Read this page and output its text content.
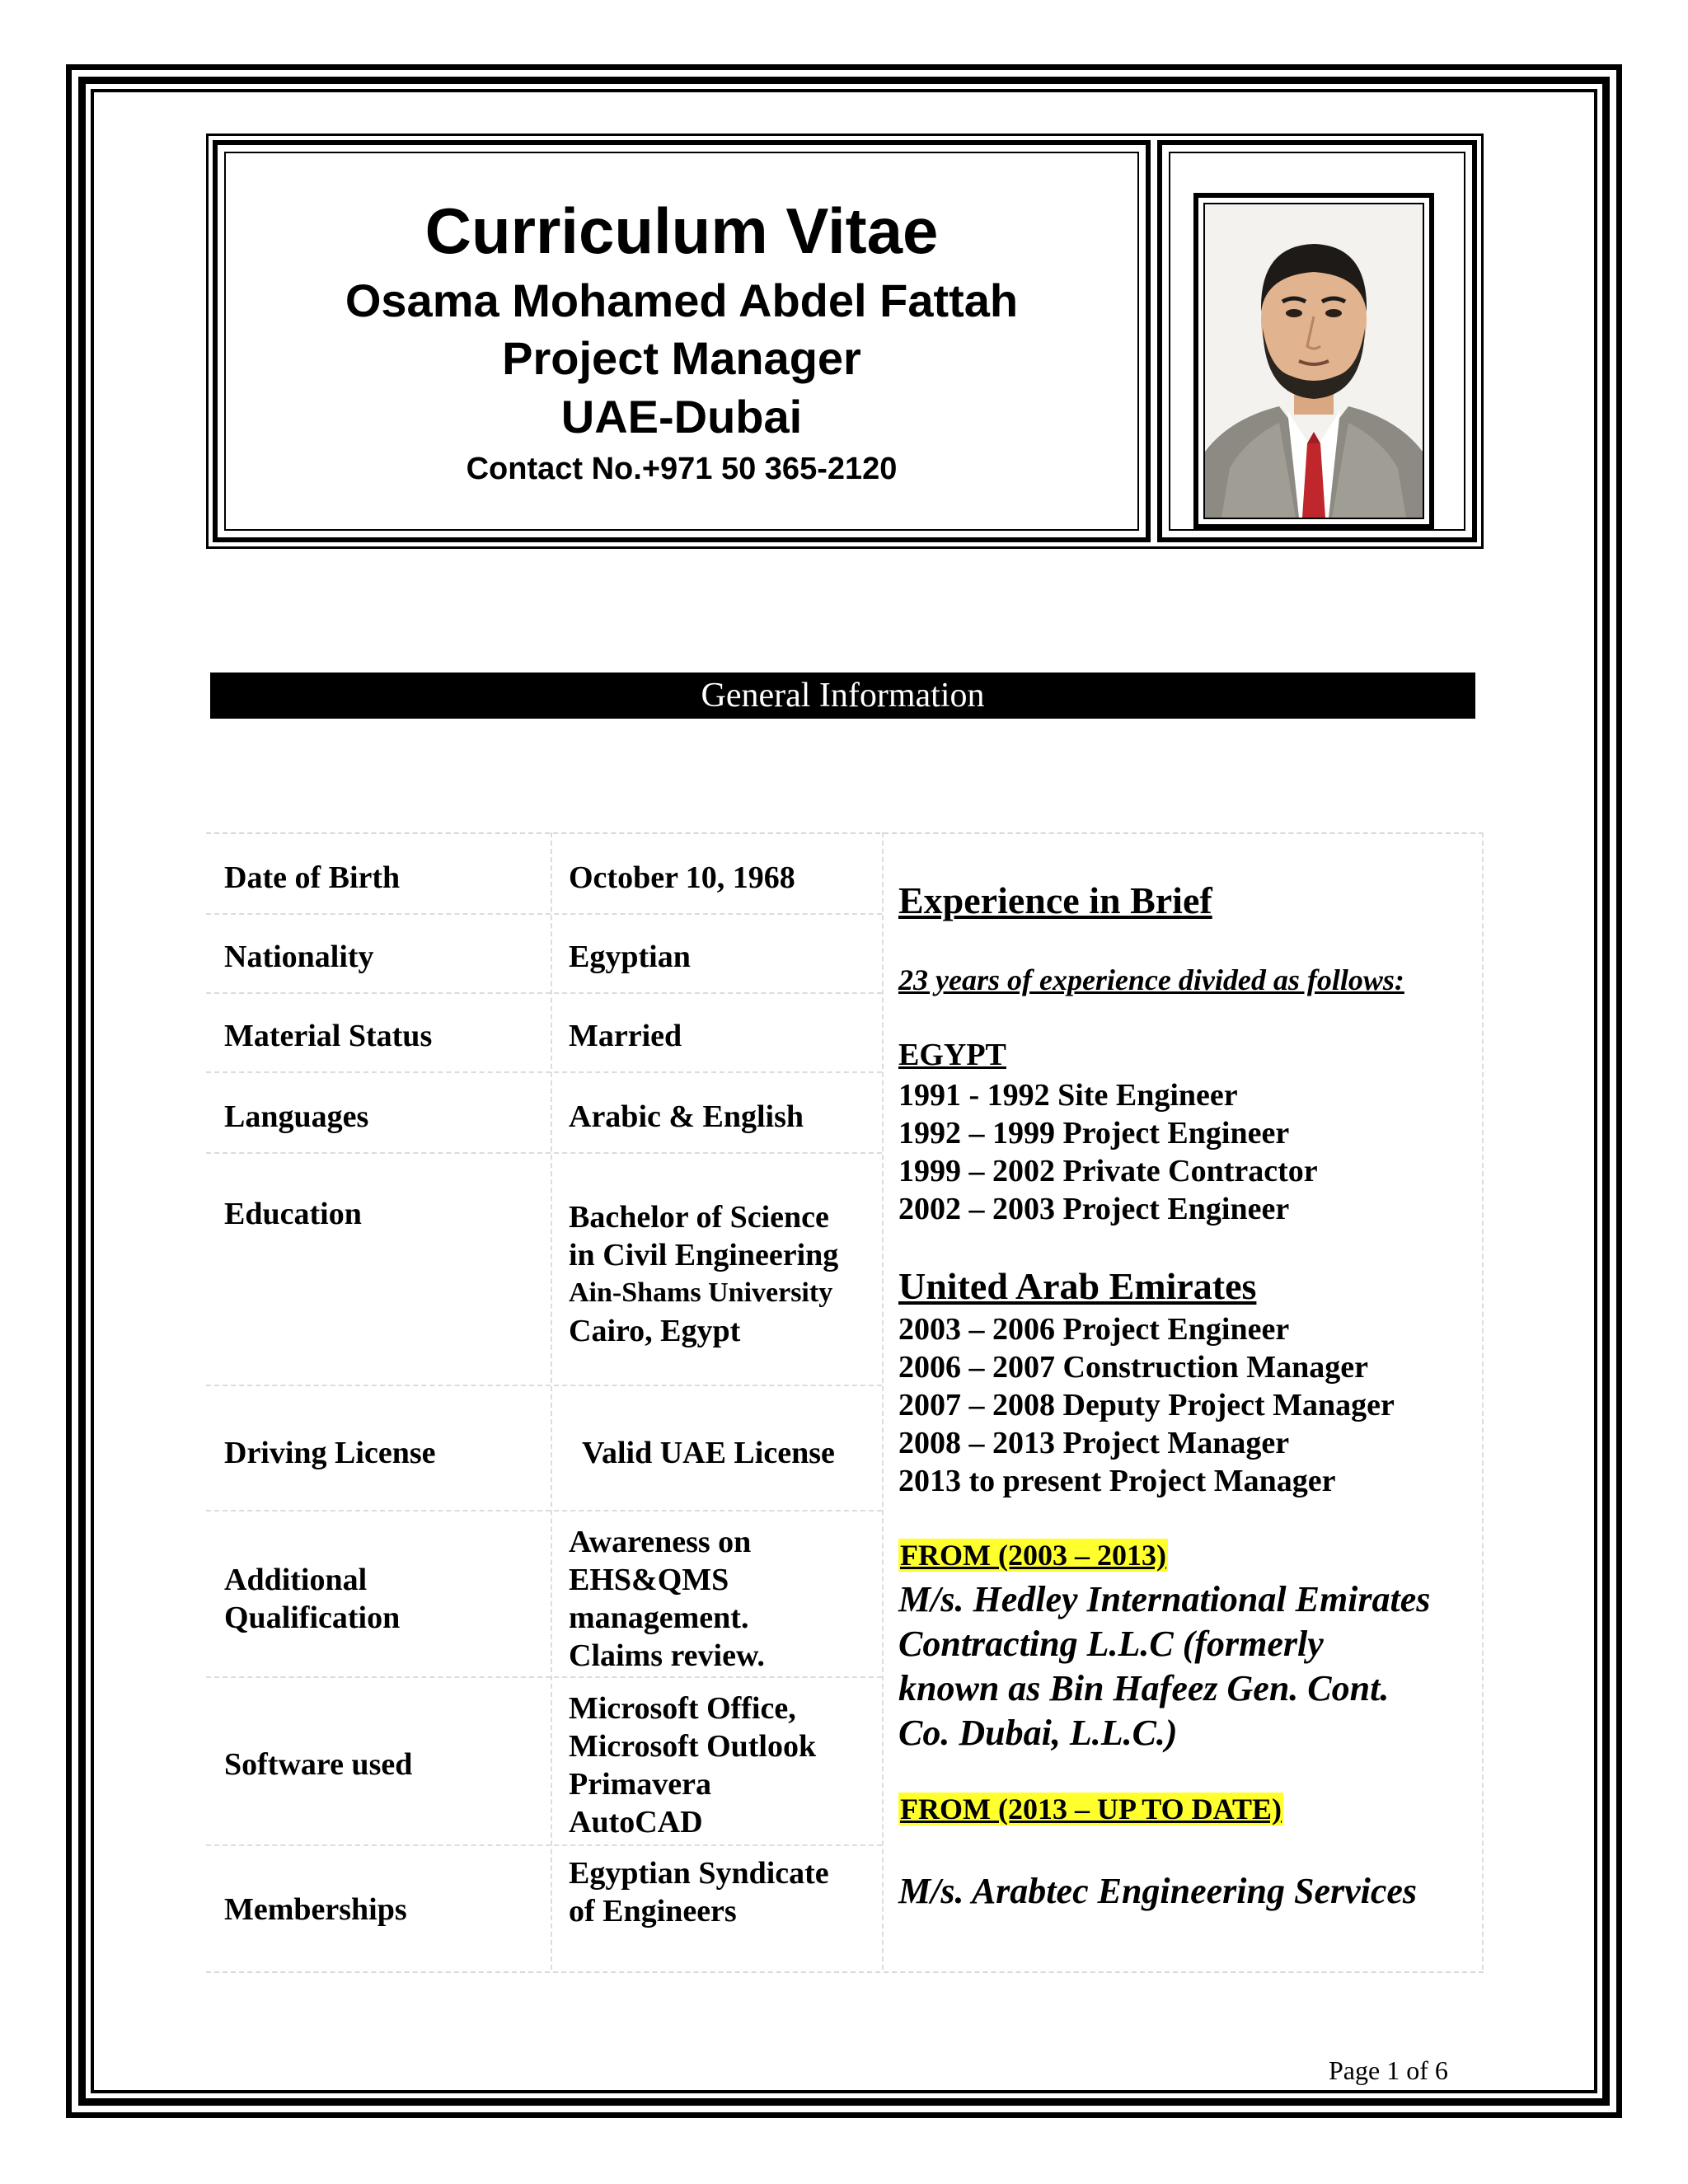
Curriculum Vitae
Osama Mohamed Abdel Fattah
Project Manager
UAE-Dubai
Contact No.+971 50 365-2120
General Information
Date of Birth
Nationality
Material Status
Languages
Education
Driving License
Additional
Qualification
Software used
Memberships
October 10, 1968
Egyptian
Married
Arabic & English
Bachelor of Science
in Civil Engineering
Ain-Shams University
Cairo, Egypt
Valid UAE License
Awareness on
EHS&QMS
management.
Claims review.
Microsoft Office,
Microsoft Outlook
Primavera
AutoCAD
Egyptian Syndicate
of Engineers
Experience in Brief
23 years of experience divided as follows:
EGYPT
1991 - 1992 Site Engineer
1992 – 1999 Project Engineer
1999 – 2002 Private Contractor
2002 – 2003 Project Engineer
United Arab Emirates
2003 – 2006 Project Engineer
2006 – 2007 Construction Manager
2007 – 2008 Deputy Project Manager
2008 – 2013 Project Manager
2013 to present Project Manager
FROM (2003 – 2013)
M/s. Hedley International Emirates
Contracting L.L.C (formerly
known as Bin Hafeez Gen. Cont.
Co. Dubai, L.L.C.)
FROM (2013 – UP TO DATE)
M/s. Arabtec Engineering Services
Page 1 of 6
